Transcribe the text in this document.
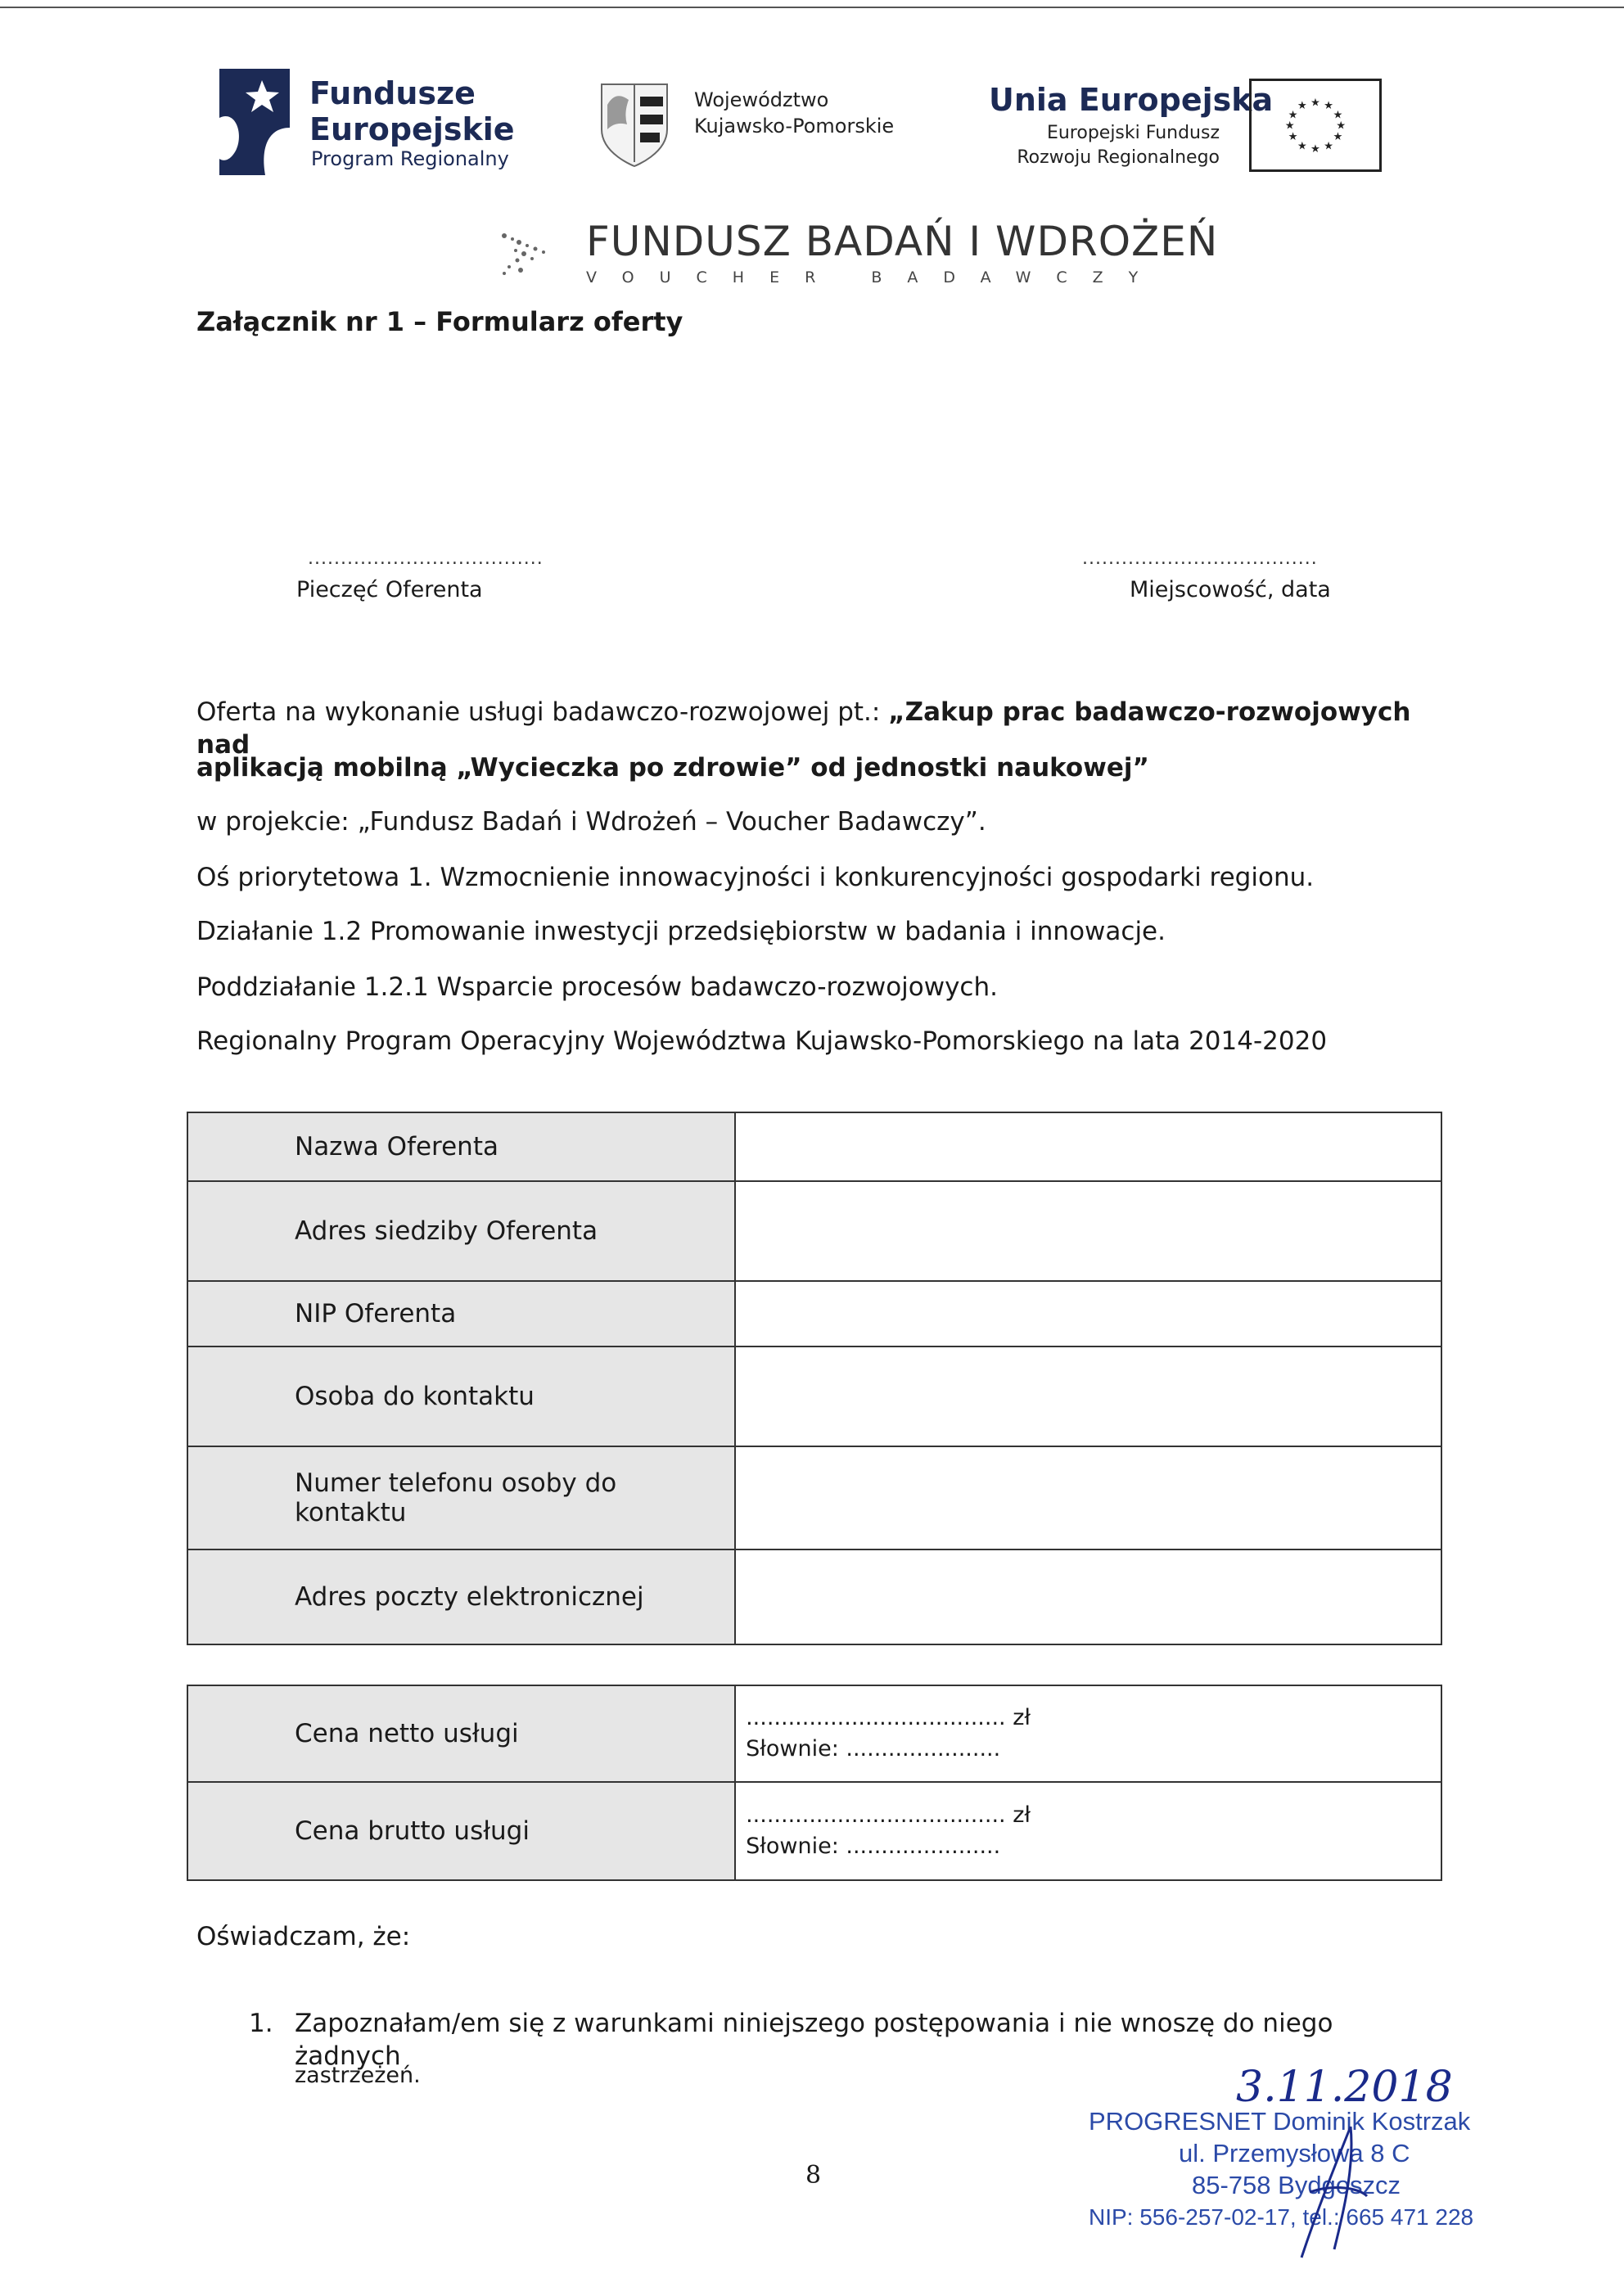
Fundusze
Europejskie
Program Regionalny
Województwo
Kujawsko-Pomorskie
Unia Europejska
Europejski Fundusz
Rozwoju Regionalnego
★ ★
★
★
★
★
★
★
★
★
★
★
FUNDUSZ BADAŃ I WDROŻEŃ
VOUCHER BADAWCZY
Załącznik nr 1 – Formularz oferty
....................................	....................................
Pieczęć Oferenta	Miejscowość, data
Oferta na wykonanie usługi badawczo-rozwojowej pt.: „Zakup prac badawczo-rozwojowych nad
aplikacją mobilną „Wycieczka po zdrowie” od jednostki naukowej”
w projekcie: „Fundusz Badań i Wdrożeń – Voucher Badawczy”.
Oś priorytetowa 1. Wzmocnienie innowacyjności i konkurencyjności gospodarki regionu.
Działanie 1.2 Promowanie inwestycji przedsiębiorstw w badania i innowacje.
Poddziałanie 1.2.1 Wsparcie procesów badawczo-rozwojowych.
Regionalny Program Operacyjny Województwa Kujawsko-Pomorskiego na lata 2014-2020
Nazwa Oferenta	

Adres siedziby Oferenta	

NIP Oferenta	

Osoba do kontaktu	

Numer telefonu osoby do kontaktu	

Adres poczty elektronicznej	

Cena netto usługi	..................................... zł
Słownie: ......................

Cena brutto usługi	..................................... zł
Słownie: ......................
Oświadczam, że:
1. Zapoznałam/em się z warunkami niniejszego postępowania i nie wnoszę do niego żadnych
zastrzeżeń.	3.11.2018
PROGRESNET Dominik Kostrzak
ul. Przemysłowa 8 C
85-758 Bydgoszcz
NIP: 556-257-02-17, tel.: 665 471 228
8
